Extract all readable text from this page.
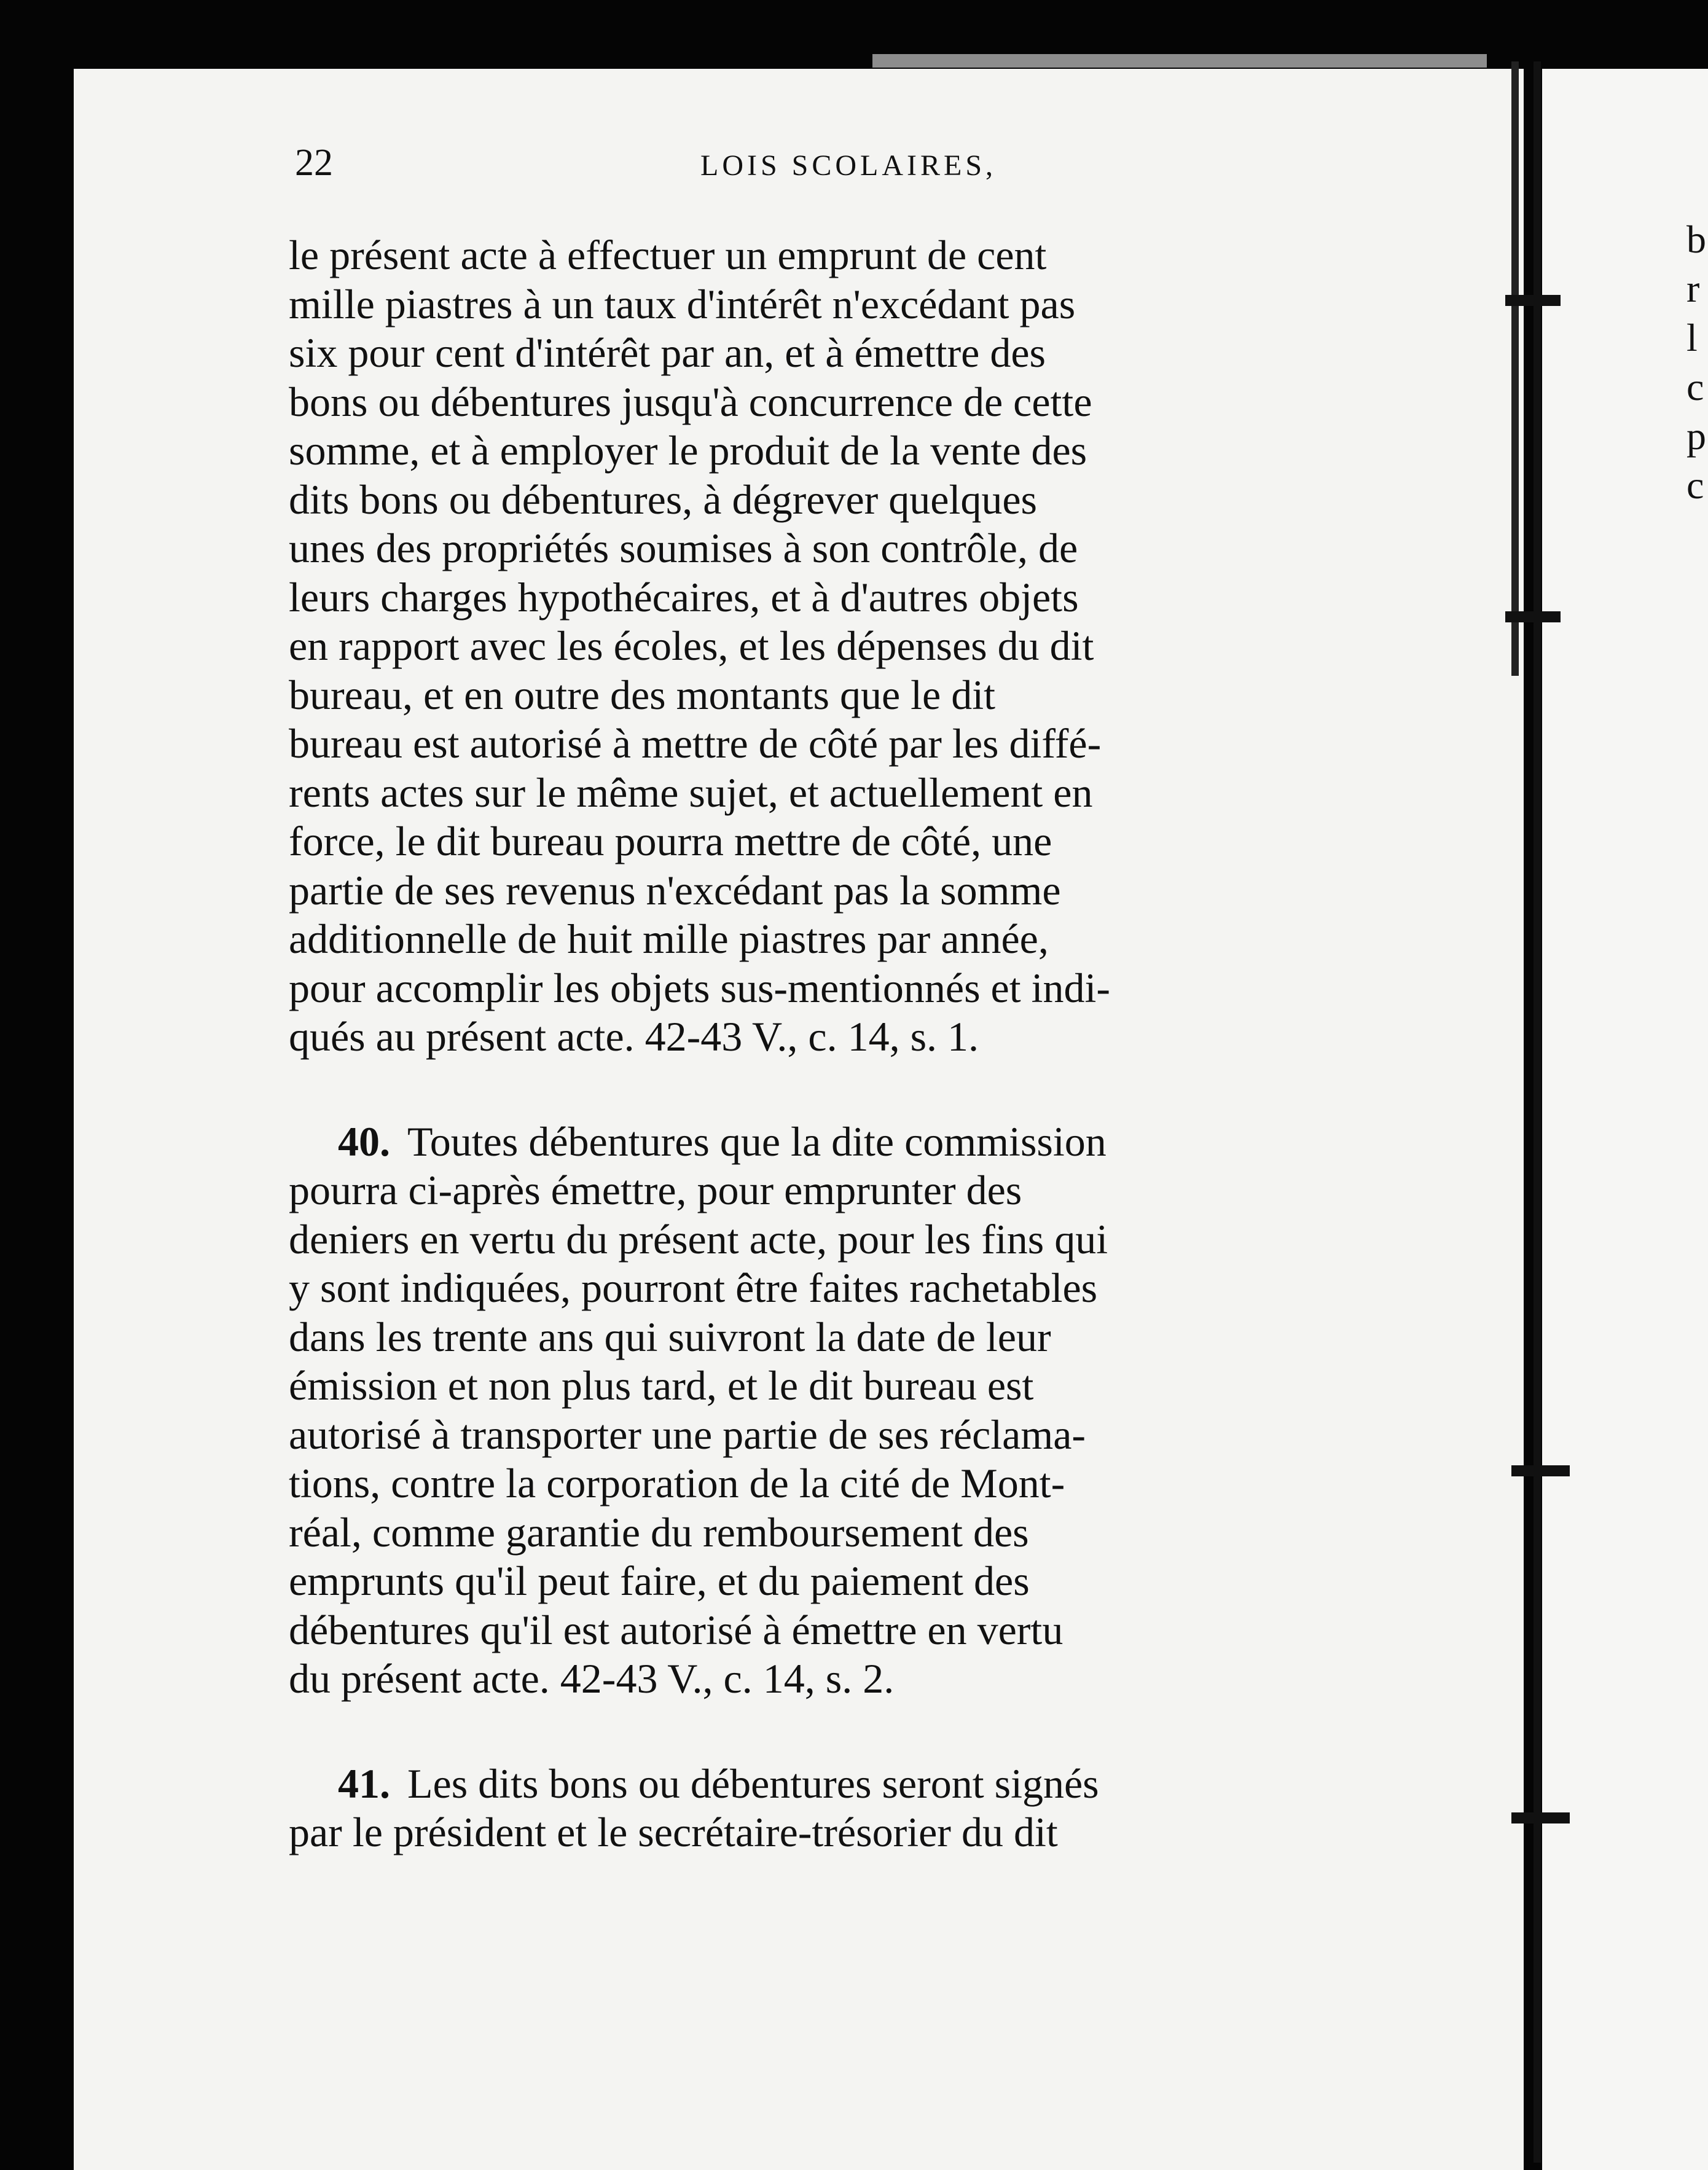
b
r
l
c
p
c
22	LOIS SCOLAIRES,
le présent acte à effectuer un emprunt de cent
mille piastres à un taux d'intérêt n'excédant pas
six pour cent d'intérêt par an, et à émettre des
bons ou débentures jusqu'à concurrence de cette
somme, et à employer le produit de la vente des
dits bons ou débentures, à dégrever quelques
unes des propriétés soumises à son contrôle, de
leurs charges hypothécaires, et à d'autres objets
en rapport avec les écoles, et les dépenses du dit
bureau, et en outre des montants que le dit
bureau est autorisé à mettre de côté par les diffé-
rents actes sur le même sujet, et actuellement en
force, le dit bureau pourra mettre de côté, une
partie de ses revenus n'excédant pas la somme
additionnelle de huit mille piastres par année,
pour accomplir les objets sus-mentionnés et indi-
qués au présent acte. 42-43 V., c. 14, s. 1.
40. Toutes débentures que la dite commission
pourra ci-après émettre, pour emprunter des
deniers en vertu du présent acte, pour les fins qui
y sont indiquées, pourront être faites rachetables
dans les trente ans qui suivront la date de leur
émission et non plus tard, et le dit bureau est
autorisé à transporter une partie de ses réclama-
tions, contre la corporation de la cité de Mont-
réal, comme garantie du remboursement des
emprunts qu'il peut faire, et du paiement des
débentures qu'il est autorisé à émettre en vertu
du présent acte. 42-43 V., c. 14, s. 2.
41. Les dits bons ou débentures seront signés
par le président et le secrétaire-trésorier du dit
